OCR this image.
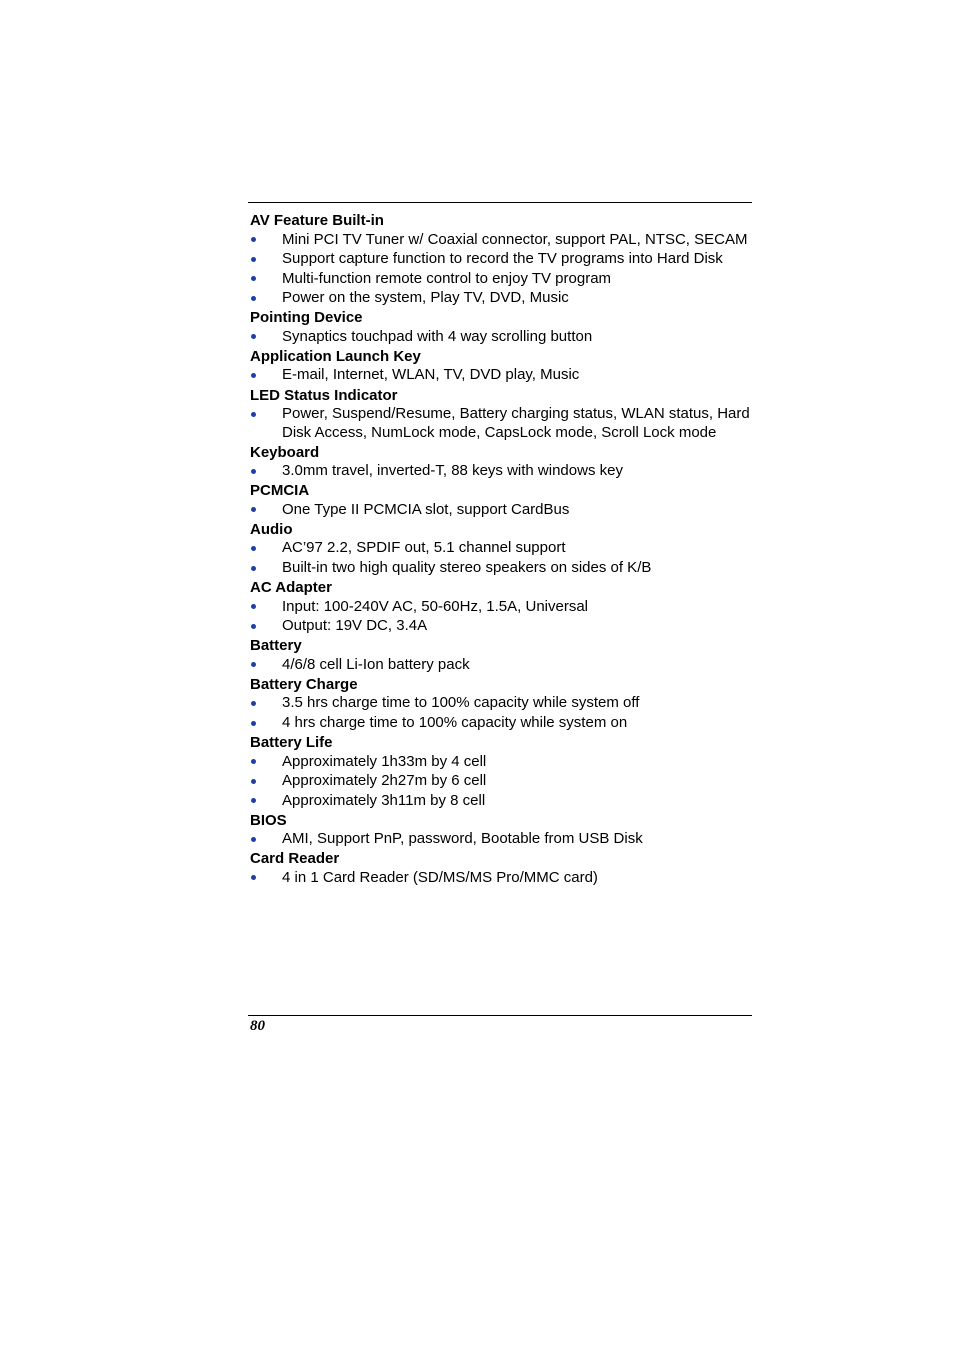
AV Feature Built-in
Mini PCI TV Tuner w/ Coaxial connector, support PAL, NTSC, SECAM
Support capture function to record the TV programs into Hard Disk
Multi-function remote control to enjoy TV program
Power on the system, Play TV, DVD, Music
Pointing Device
Synaptics touchpad with 4 way scrolling button
Application Launch Key
E-mail, Internet, WLAN, TV, DVD play, Music
LED Status Indicator
Power, Suspend/Resume, Battery charging status, WLAN status, Hard Disk Access, NumLock mode, CapsLock mode, Scroll Lock mode
Keyboard
3.0mm travel, inverted-T, 88 keys with windows key
PCMCIA
One Type II PCMCIA slot, support CardBus
Audio
AC’97 2.2, SPDIF out, 5.1 channel support
Built-in two high quality stereo speakers on sides of K/B
AC Adapter
Input: 100-240V AC, 50-60Hz, 1.5A, Universal
Output: 19V DC, 3.4A
Battery
4/6/8 cell Li-Ion battery pack
Battery Charge
3.5 hrs charge time to 100% capacity while system off
4 hrs charge time to 100% capacity while system on
Battery Life
Approximately 1h33m by 4 cell
Approximately 2h27m by 6 cell
Approximately 3h11m by 8 cell
BIOS
AMI, Support PnP, password, Bootable from USB Disk
Card Reader
4 in 1 Card Reader (SD/MS/MS Pro/MMC card)
80
